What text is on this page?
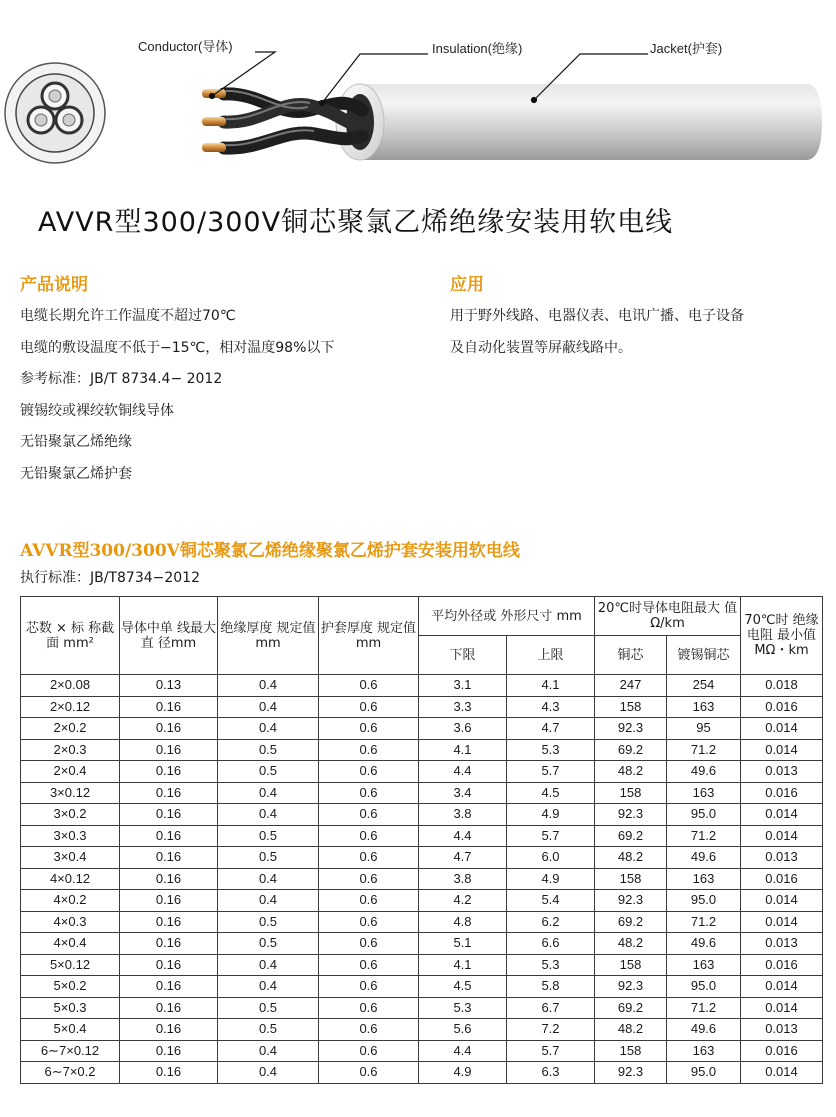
Conductor(导体)	Insulation(绝缘)	Jacket(护套)
AVVR型300/300V铜芯聚氯乙烯绝缘安装用软电线
产品说明
电缆长期允许工作温度不超过70℃
电缆的敷设温度不低于−15℃，相对温度98%以下
参考标准：JB/T 8734.4− 2012
镀锡绞或裸绞软铜线导体
无铅聚氯乙烯绝缘
无铅聚氯乙烯护套
应用
用于野外线路、电器仪表、电讯广播、电子设备
及自动化装置等屏蔽线路中。
AVVR型300/300V铜芯聚氯乙烯绝缘聚氯乙烯护套安装用软电线
执行标准：JB/T8734−2012
芯数 × 标 称截面 mm²	导体中单 线最大直 径mm	绝缘厚度 规定值 mm	护套厚度 规定值 mm	平均外径或 外形尺寸 mm		20℃时导体电阻最大 值Ω/km		70℃时 绝缘电阻 最小值 MΩ・km
				下限	上限	铜芯	镀锡铜芯	
2×0.08	0.13	0.4	0.6	3.1	4.1	247	254	0.018
2×0.12	0.16	0.4	0.6	3.3	4.3	158	163	0.016
2×0.2	0.16	0.4	0.6	3.6	4.7	92.3	95	0.014
2×0.3	0.16	0.5	0.6	4.1	5.3	69.2	71.2	0.014
2×0.4	0.16	0.5	0.6	4.4	5.7	48.2	49.6	0.013
3×0.12	0.16	0.4	0.6	3.4	4.5	158	163	0.016
3×0.2	0.16	0.4	0.6	3.8	4.9	92.3	95.0	0.014
3×0.3	0.16	0.5	0.6	4.4	5.7	69.2	71.2	0.014
3×0.4	0.16	0.5	0.6	4.7	6.0	48.2	49.6	0.013
4×0.12	0.16	0.4	0.6	3.8	4.9	158	163	0.016
4×0.2	0.16	0.4	0.6	4.2	5.4	92.3	95.0	0.014
4×0.3	0.16	0.5	0.6	4.8	6.2	69.2	71.2	0.014
4×0.4	0.16	0.5	0.6	5.1	6.6	48.2	49.6	0.013
5×0.12	0.16	0.4	0.6	4.1	5.3	158	163	0.016
5×0.2	0.16	0.4	0.6	4.5	5.8	92.3	95.0	0.014
5×0.3	0.16	0.5	0.6	5.3	6.7	69.2	71.2	0.014
5×0.4	0.16	0.5	0.6	5.6	7.2	48.2	49.6	0.013
6∼7×0.12	0.16	0.4	0.6	4.4	5.7	158	163	0.016
6∼7×0.2	0.16	0.4	0.6	4.9	6.3	92.3	95.0	0.014
